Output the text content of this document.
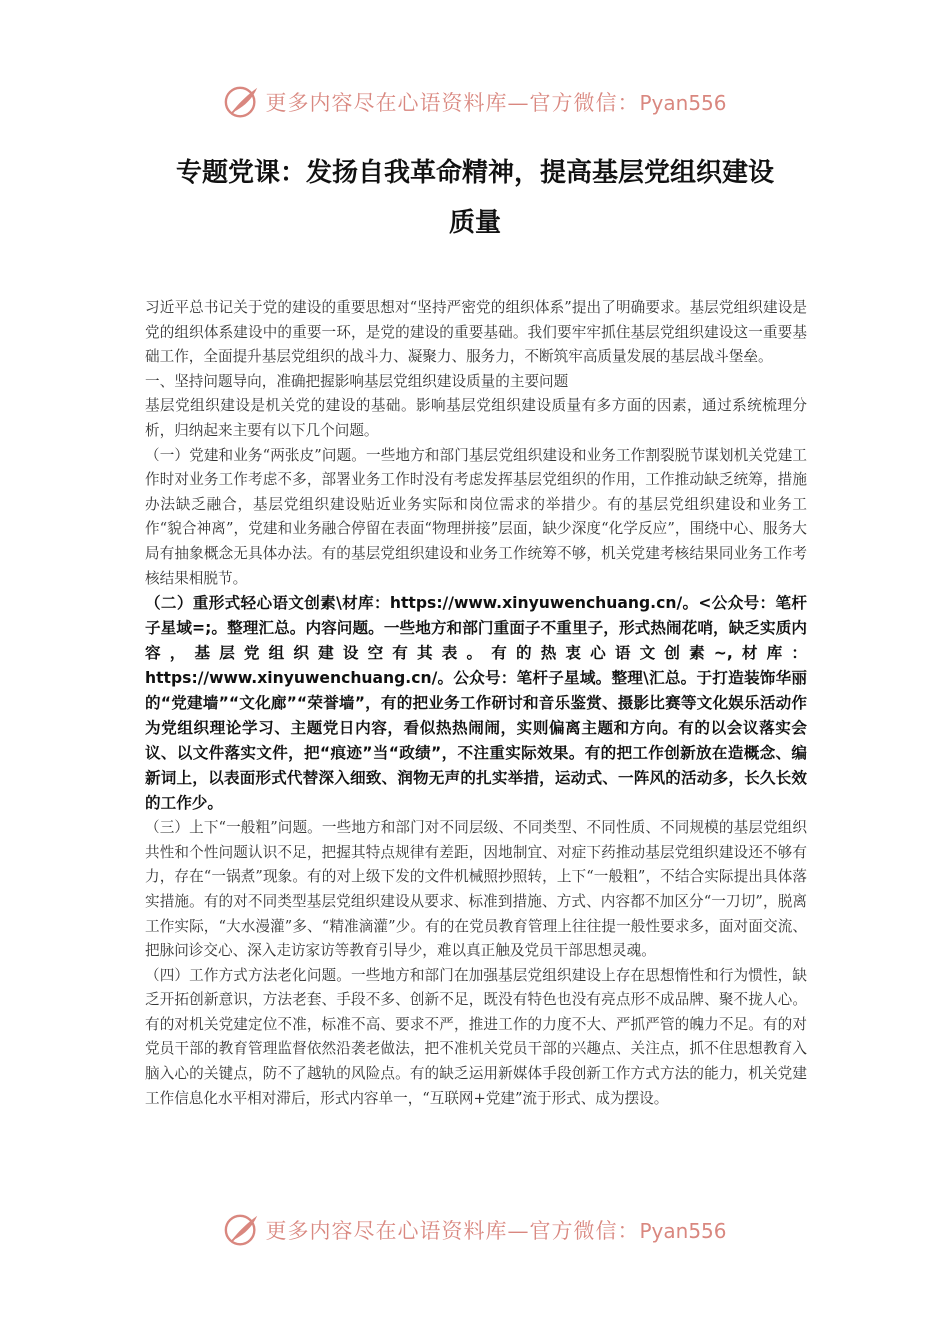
更多内容尽在心语资料库—官方微信：Pyan556
专题党课：发扬自我革命精神，提高基层党组织建设
质量

习近平总书记关于党的建设的重要思想对“坚持严密党的组织体系”提出了明确要求。基层党组织建设是党的组织体系建设中的重要一环，是党的建设的重要基础。我们要牢牢抓住基层党组织建设这一重要基础工作，全面提升基层党组织的战斗力、凝聚力、服务力，不断筑牢高质量发展的基层战斗堡垒。

一、坚持问题导向，准确把握影响基层党组织建设质量的主要问题

基层党组织建设是机关党的建设的基础。影响基层党组织建设质量有多方面的因素，通过系统梳理分析，归纳起来主要有以下几个问题。

（一）党建和业务“两张皮”问题。一些地方和部门基层党组织建设和业务工作割裂脱节谋划机关党建工作时对业务工作考虑不多，部署业务工作时没有考虑发挥基层党组织的作用，工作推动缺乏统筹，措施办法缺乏融合，基层党组织建设贴近业务实际和岗位需求的举措少。有的基层党组织建设和业务工作“貌合神离”，党建和业务融合停留在表面“物理拼接”层面，缺少深度“化学反应”，围绕中心、服务大局有抽象概念无具体办法。有的基层党组织建设和业务工作统筹不够，机关党建考核结果同业务工作考核结果相脱节。

（二）重形式轻心语文创素\材库：https://www.xinyuwenchuang.cn/。<公众号：笔杆子星域=;。整理汇总。内容问题。一些地方和部门重面子不重里子，形式热闹花哨，缺乏实质内容，基层党组织建设空有其表。有的热衷心语文创素~,材库：https://www.xinyuwenchuang.cn/。公众号：笔杆子星域。整理\汇总。于打造装饰华丽的“党建墙”“文化廊”“荣誉墙”，有的把业务工作研讨和音乐鉴赏、摄影比赛等文化娱乐活动作为党组织理论学习、主题党日内容，看似热热闹闹，实则偏离主题和方向。有的以会议落实会议、以文件落实文件，把“痕迹”当“政绩”，不注重实际效果。有的把工作创新放在造概念、编新词上，以表面形式代替深入细致、润物无声的扎实举措，运动式、一阵风的活动多，长久长效的工作少。

（三）上下“一般粗”问题。一些地方和部门对不同层级、不同类型、不同性质、不同规模的基层党组织共性和个性问题认识不足，把握其特点规律有差距，因地制宜、对症下药推动基层党组织建设还不够有力，存在“一锅煮”现象。有的对上级下发的文件机械照抄照转，上下“一般粗”，不结合实际提出具体落实措施。有的对不同类型基层党组织建设从要求、标准到措施、方式、内容都不加区分“一刀切”，脱离工作实际，“大水漫灌”多、“精准滴灌”少。有的在党员教育管理上往往提一般性要求多，面对面交流、把脉问诊交心、深入走访家访等教育引导少，难以真正触及党员干部思想灵魂。

（四）工作方式方法老化问题。一些地方和部门在加强基层党组织建设上存在思想惰性和行为惯性，缺乏开拓创新意识，方法老套、手段不多、创新不足，既没有特色也没有亮点形不成品牌、聚不拢人心。有的对机关党建定位不准，标准不高、要求不严，推进工作的力度不大、严抓严管的魄力不足。有的对党员干部的教育管理监督依然沿袭老做法，把不准机关党员干部的兴趣点、关注点，抓不住思想教育入脑入心的关键点，防不了越轨的风险点。有的缺乏运用新媒体手段创新工作方式方法的能力，机关党建工作信息化水平相对滞后，形式内容单一，“互联网+党建”流于形式、成为摆设。

更多内容尽在心语资料库—官方微信：Pyan556
